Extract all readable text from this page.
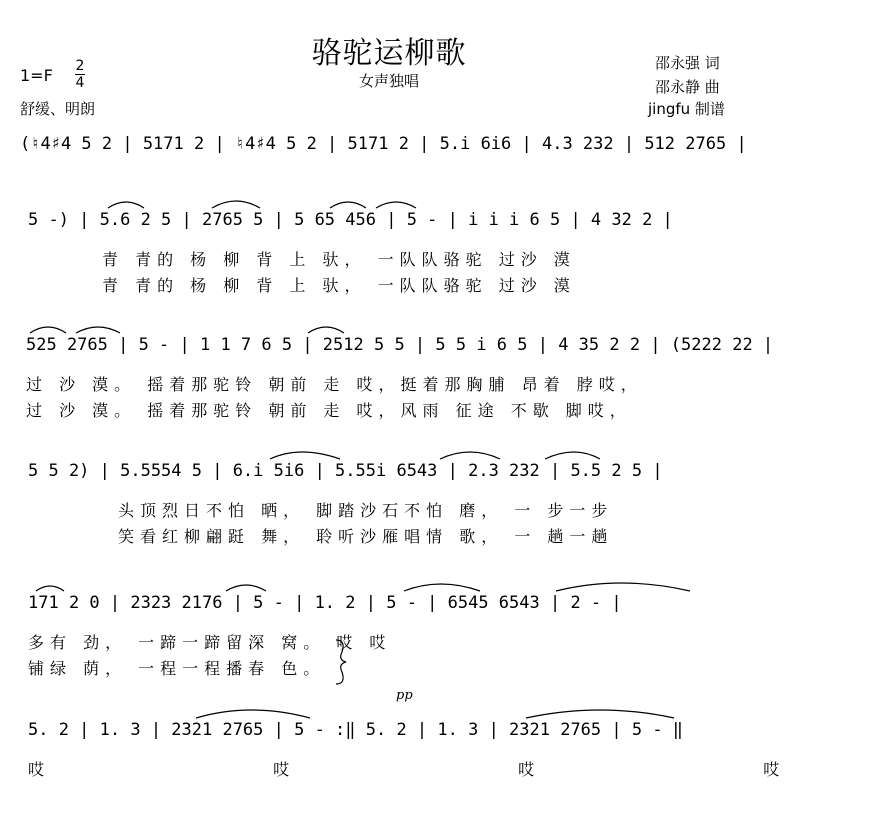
骆驼运柳歌
女声独唱
1=F 2
4
舒缓、明朗
邵永强 词
邵永静 曲
jingfu 制谱
(♮4♯4 5 2 | 5171 2 | ♮4♯4 5 2 | 5171 2 | 5.i 6i6 | 4.3 232 | 512 2765 |
5 -) | 5.6 2 5 | 2765 5 | 5 65 456 | 5 - | i i i 6 5 | 4 32 2 |
青 青的 杨 柳 背 上 驮， 一队队骆驼 过沙 漠
青 青的 杨 柳 背 上 驮， 一队队骆驼 过沙 漠
525 2765 | 5 - | 1 1 7 6 5 | 2512 5 5 | 5 5 i 6 5 | 4 35 2 2 | (5222 22 |
过 沙 漠。 摇着那驼铃 朝前 走 哎，挺着那胸脯 昂着 脖哎，
过 沙 漠。 摇着那驼铃 朝前 走 哎，风雨 征途 不歇 脚哎，
5 5 2) | 5.5554 5 | 6.i 5i6 | 5.55i 6543 | 2.3 232 | 5.5 2 5 |
头顶烈日不怕 晒， 脚踏沙石不怕 磨， 一 步一步
笑看红柳翩跹 舞， 聆听沙雁唱情 歌， 一 趟一趟
171 2 0 | 2323 2176 | 5 - | 1. 2 | 5 - | 6545 6543 | 2 - |
多有 劲， 一蹄一蹄留深 窝。 哎 哎
铺绿 荫， 一程一程播春 色。
pp
5. 2 | 1. 3 | 2321 2765 | 5 - :‖ 5. 2 | 1. 3 | 2321 2765 | 5 - ‖
哎 哎 哎 哎
